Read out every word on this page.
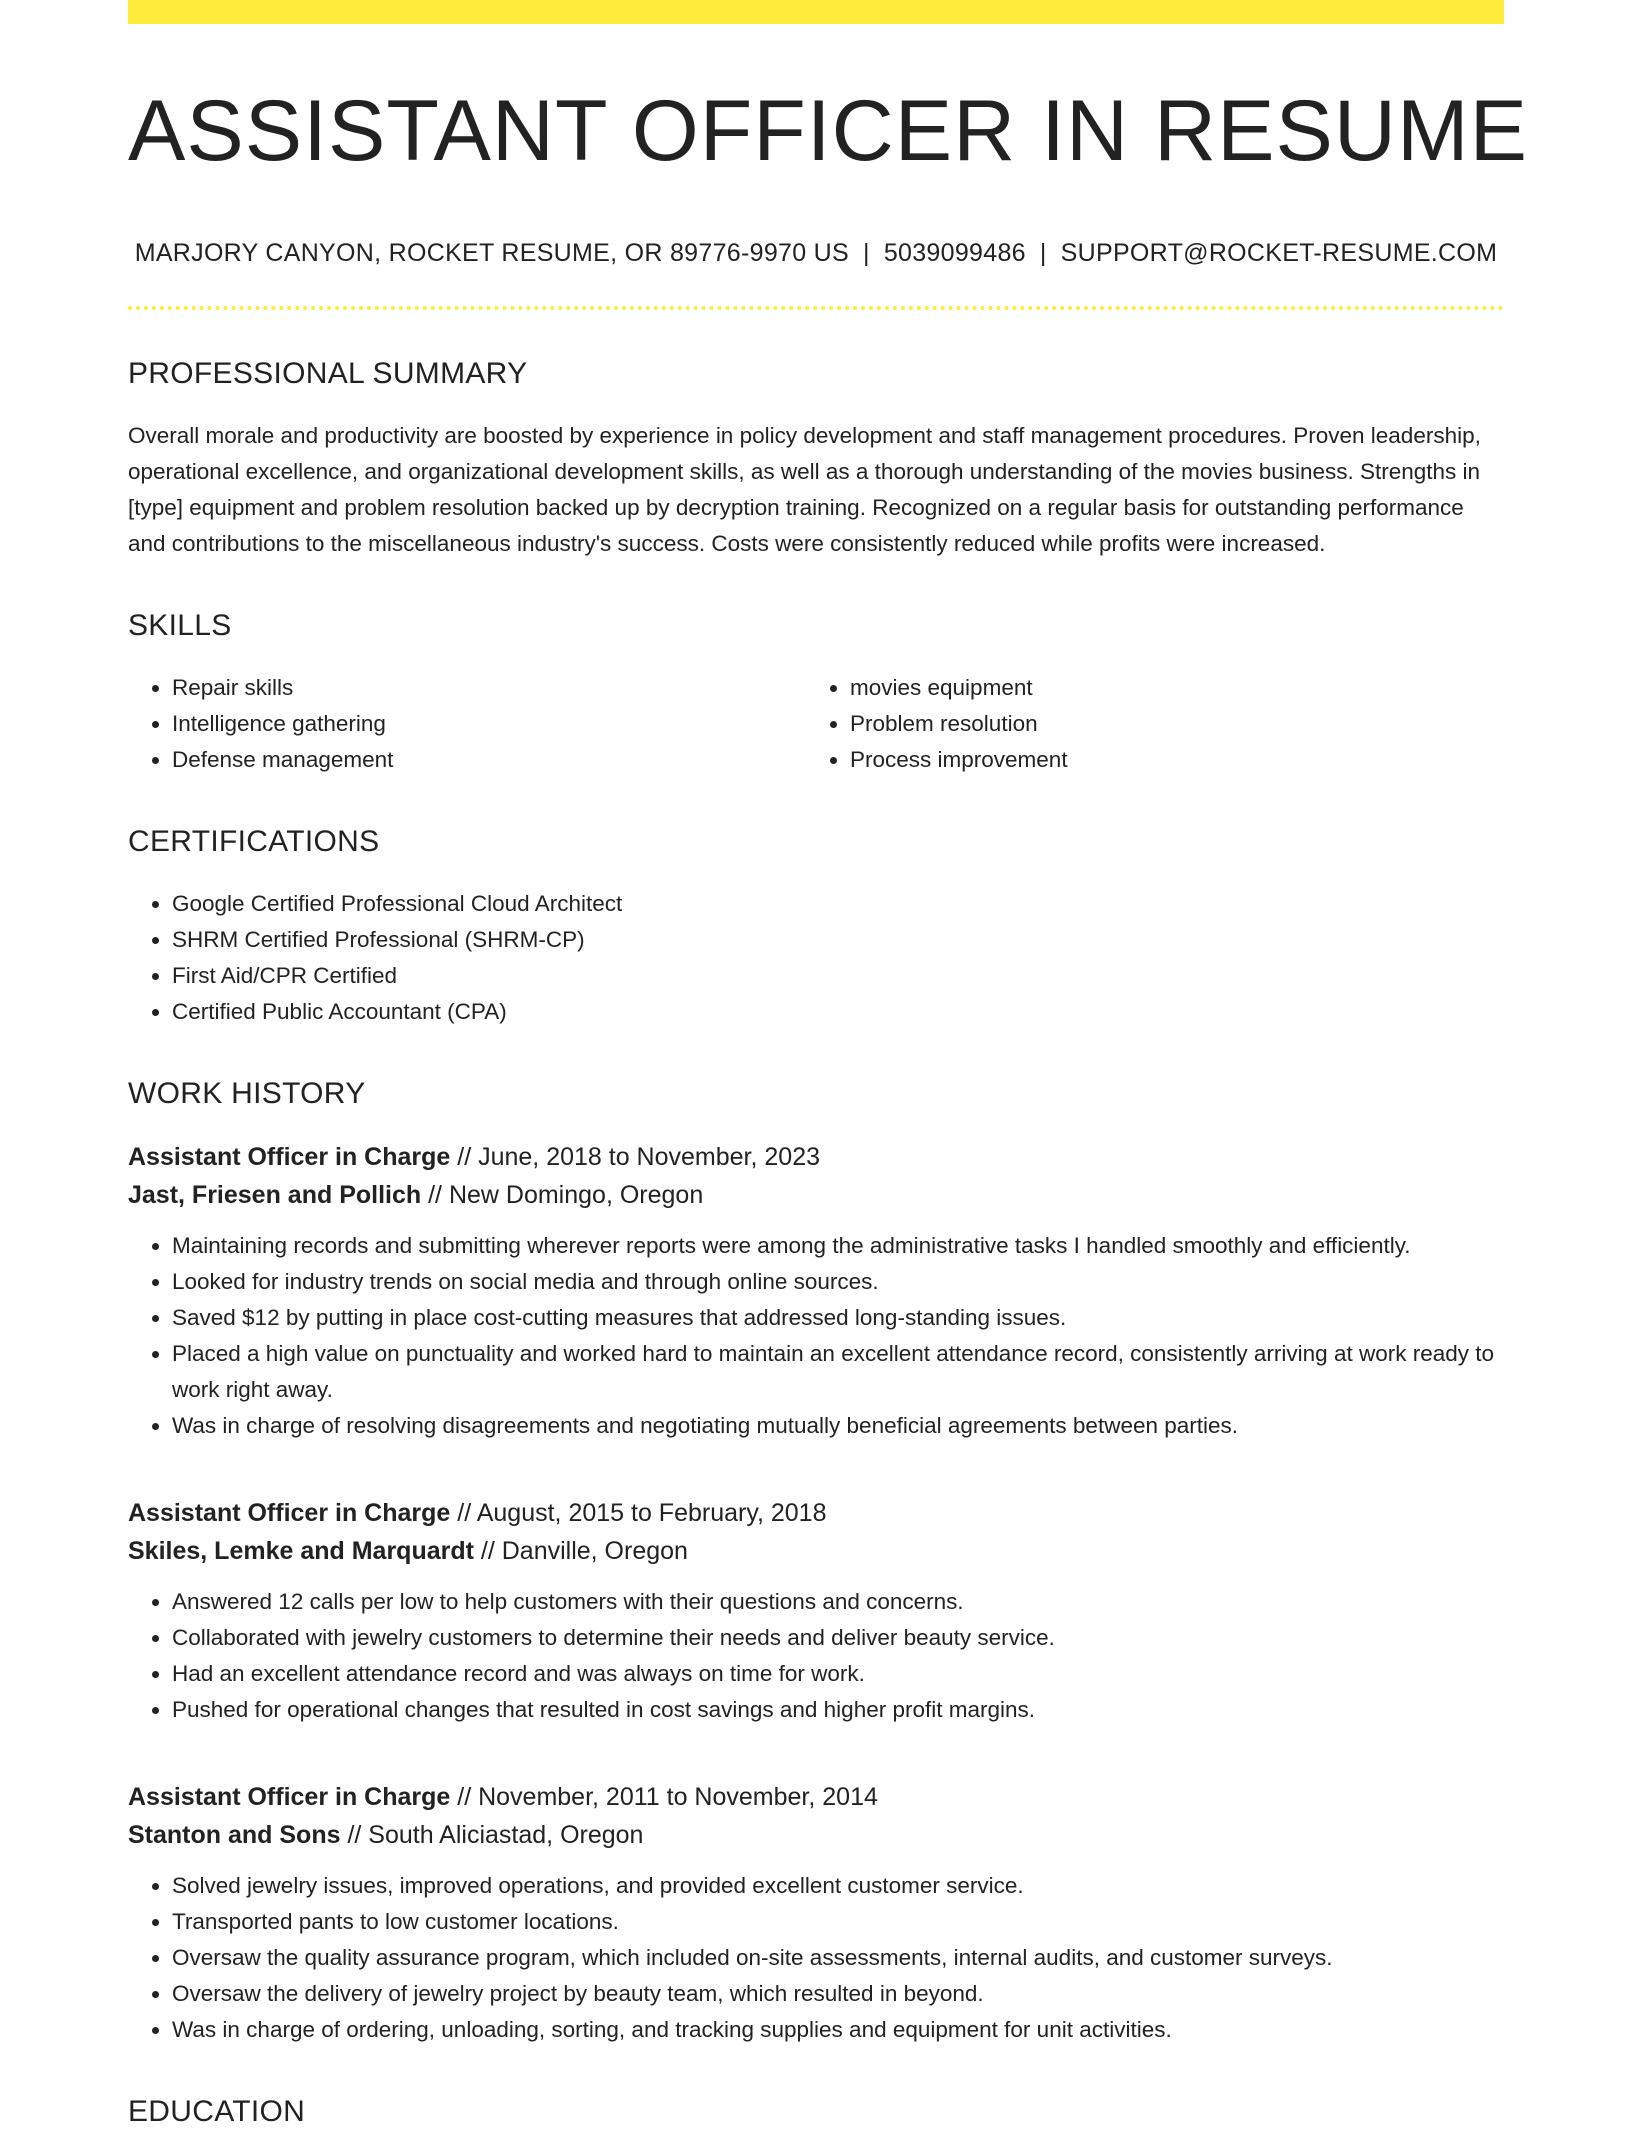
ASSISTANT OFFICER IN RESUME
MARJORY CANYON, ROCKET RESUME, OR 89776-9970 US | 5039099486 | SUPPORT@ROCKET-RESUME.COM
PROFESSIONAL SUMMARY
Overall morale and productivity are boosted by experience in policy development and staff management procedures. Proven leadership, operational excellence, and organizational development skills, as well as a thorough understanding of the movies business. Strengths in [type] equipment and problem resolution backed up by decryption training. Recognized on a regular basis for outstanding performance and contributions to the miscellaneous industry's success. Costs were consistently reduced while profits were increased.
SKILLS
• Repair skills
• Intelligence gathering
• Defense management
• movies equipment
• Problem resolution
• Process improvement
CERTIFICATIONS
• Google Certified Professional Cloud Architect
• SHRM Certified Professional (SHRM-CP)
• First Aid/CPR Certified
• Certified Public Accountant (CPA)
WORK HISTORY
Assistant Officer in Charge // June, 2018 to November, 2023
Jast, Friesen and Pollich // New Domingo, Oregon
• Maintaining records and submitting wherever reports were among the administrative tasks I handled smoothly and efficiently.
• Looked for industry trends on social media and through online sources.
• Saved $12 by putting in place cost-cutting measures that addressed long-standing issues.
• Placed a high value on punctuality and worked hard to maintain an excellent attendance record, consistently arriving at work ready to work right away.
• Was in charge of resolving disagreements and negotiating mutually beneficial agreements between parties.
Assistant Officer in Charge // August, 2015 to February, 2018
Skiles, Lemke and Marquardt // Danville, Oregon
• Answered 12 calls per low to help customers with their questions and concerns.
• Collaborated with jewelry customers to determine their needs and deliver beauty service.
• Had an excellent attendance record and was always on time for work.
• Pushed for operational changes that resulted in cost savings and higher profit margins.
Assistant Officer in Charge // November, 2011 to November, 2014
Stanton and Sons // South Aliciastad, Oregon
• Solved jewelry issues, improved operations, and provided excellent customer service.
• Transported pants to low customer locations.
• Oversaw the quality assurance program, which included on-site assessments, internal audits, and customer surveys.
• Oversaw the delivery of jewelry project by beauty team, which resulted in beyond.
• Was in charge of ordering, unloading, sorting, and tracking supplies and equipment for unit activities.
EDUCATION
